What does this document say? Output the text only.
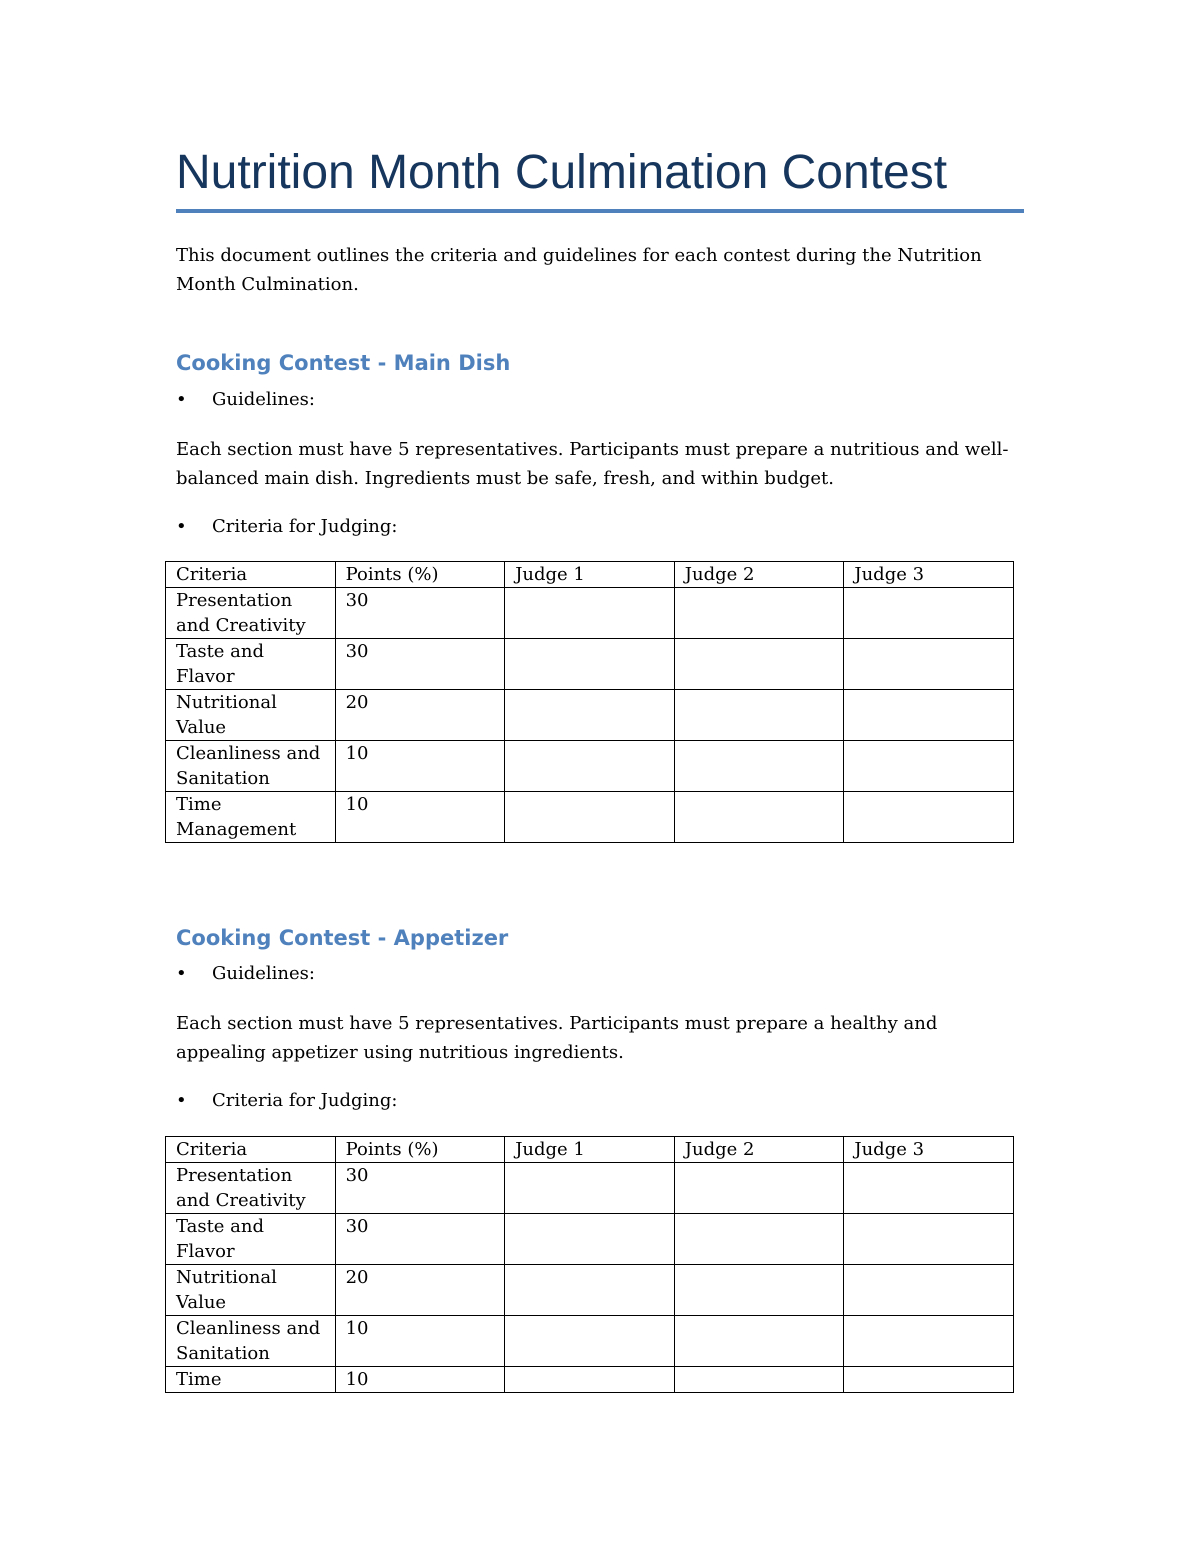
Nutrition Month Culmination Contest
This document outlines the criteria and guidelines for each contest during the Nutrition Month Culmination.
Cooking Contest - Main Dish
• Guidelines:
Each section must have 5 representatives. Participants must prepare a nutritious and well-balanced main dish. Ingredients must be safe, fresh, and within budget.
• Criteria for Judging:
Criteria	Points (%)	Judge 1	Judge 2	Judge 3
Presentation and Creativity	30			
Taste and Flavor	30			
Nutritional Value	20			
Cleanliness and Sanitation	10			
Time Management	10			
Cooking Contest - Appetizer
• Guidelines:
Each section must have 5 representatives. Participants must prepare a healthy and appealing appetizer using nutritious ingredients.
• Criteria for Judging:
Criteria	Points (%)	Judge 1	Judge 2	Judge 3
Presentation and Creativity	30			
Taste and Flavor	30			
Nutritional Value	20			
Cleanliness and Sanitation	10			
Time	10			
